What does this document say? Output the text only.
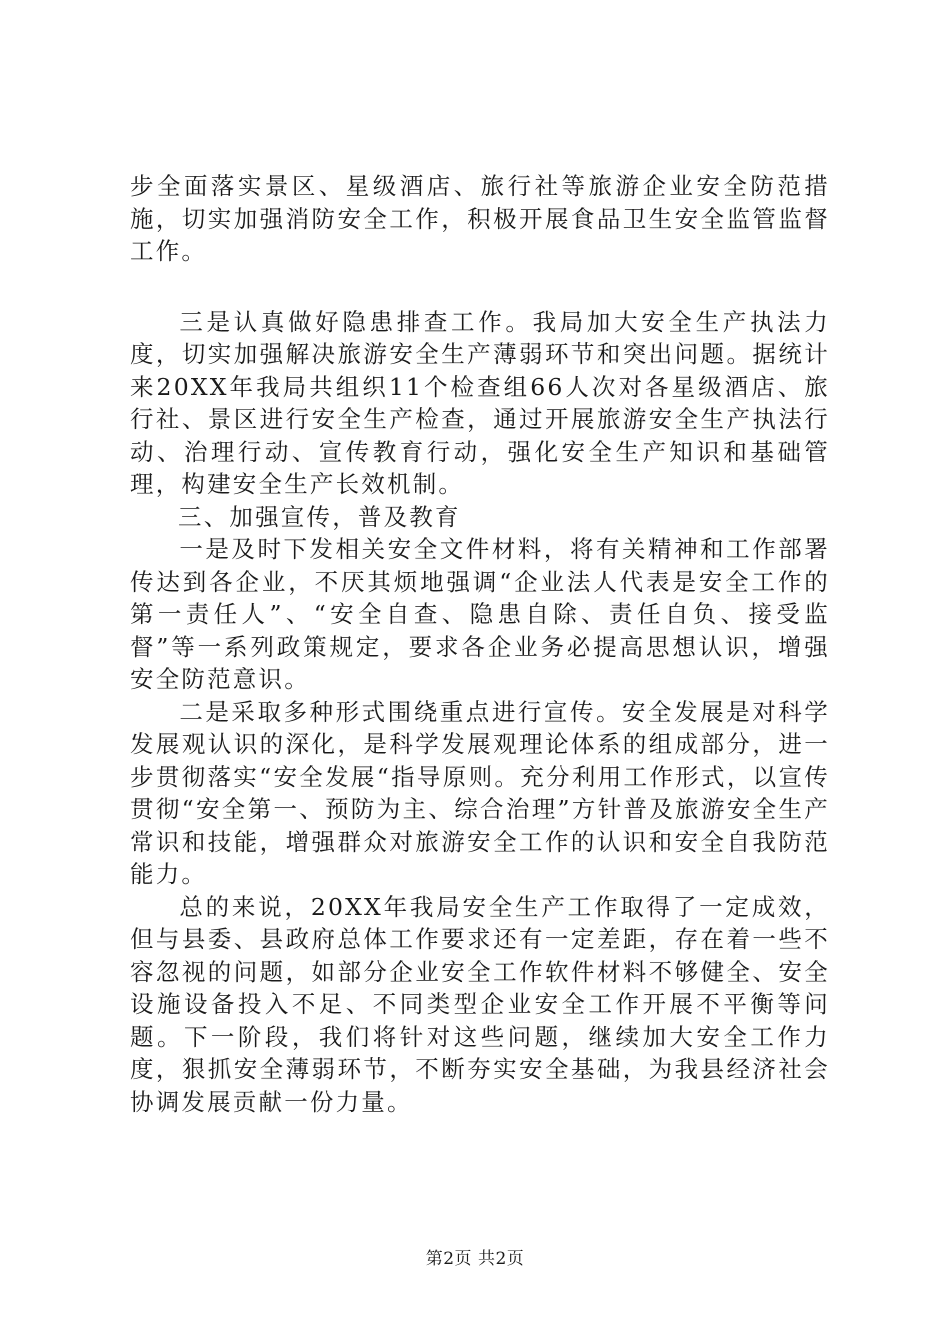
步全面落实景区、星级酒店、旅行社等旅游企业安全防范措施，切实加强消防安全工作，积极开展食品卫生安全监管监督工作。

三是认真做好隐患排查工作。我局加大安全生产执法力度，切实加强解决旅游安全生产薄弱环节和突出问题。据统计来20XX年我局共组织11个检查组66人次对各星级酒店、旅行社、景区进行安全生产检查，通过开展旅游安全生产执法行动、治理行动、宣传教育行动，强化安全生产知识和基础管理，构建安全生产长效机制。

三、加强宣传，普及教育

一是及时下发相关安全文件材料，将有关精神和工作部署传达到各企业，不厌其烦地强调“企业法人代表是安全工作的第一责任人”、“安全自查、隐患自除、责任自负、接受监督”等一系列政策规定，要求各企业务必提高思想认识，增强安全防范意识。

二是采取多种形式围绕重点进行宣传。安全发展是对科学发展观认识的深化，是科学发展观理论体系的组成部分，进一步贯彻落实“安全发展“指导原则。充分利用工作形式，以宣传贯彻“安全第一、预防为主、综合治理”方针普及旅游安全生产常识和技能，增强群众对旅游安全工作的认识和安全自我防范能力。

总的来说，20XX年我局安全生产工作取得了一定成效，但与县委、县政府总体工作要求还有一定差距，存在着一些不容忽视的问题，如部分企业安全工作软件材料不够健全、安全设施设备投入不足、不同类型企业安全工作开展不平衡等问题。下一阶段，我们将针对这些问题，继续加大安全工作力度，狠抓安全薄弱环节，不断夯实安全基础，为我县经济社会协调发展贡献一份力量。

第2页 共2页
